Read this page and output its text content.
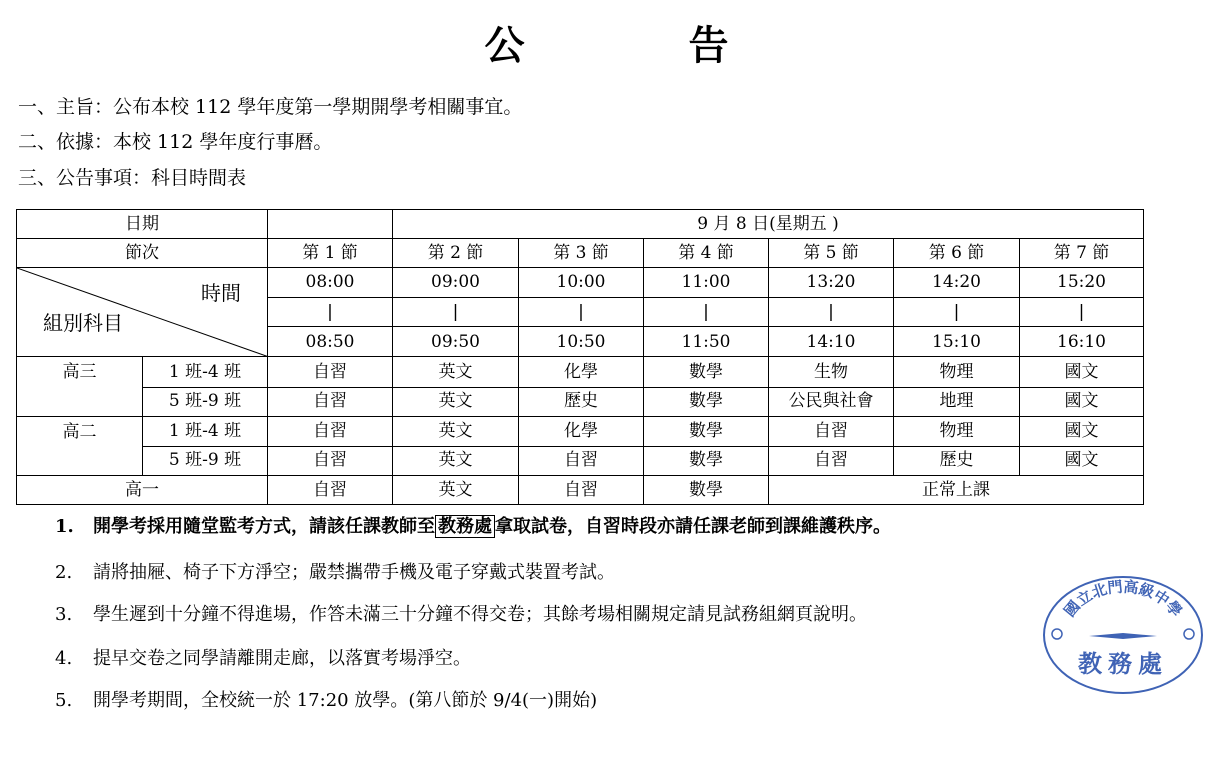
公　告
一、主旨：公布本校 112 學年度第一學期開學考相關事宜。
二、依據：本校 112 學年度行事曆。
三、公告事項：科目時間表
日期			9 月 8 日(星期五 )					
節次		第 1 節	第 2 節	第 3 節	第 4 節	第 5 節	第 6 節	第 7 節

時間
組別科目		08:00	09:00	10:00	11:00	13:20	14:20	15:20
		|	|	|	|	|	|	|
		08:50	09:50	10:50	11:50	14:10	15:10	16:10
高三	1 班-4 班	自習	英文	化學	數學	生物	物理	國文
	5 班-9 班	自習	英文	歷史	數學	公民與社會	地理	國文
高二	1 班-4 班	自習	英文	化學	數學	自習	物理	國文
	5 班-9 班	自習	英文	自習	數學	自習	歷史	國文
高一		自習	英文	自習	數學	正常上課		
1. 開學考採用隨堂監考方式，請該任課教師至 教務處 拿取試卷，自習時段亦請任課老師到課維護秩序。
2. 請將抽屜、椅子下方淨空；嚴禁攜帶手機及電子穿戴式裝置考試。
3. 學生遲到十分鐘不得進場，作答未滿三十分鐘不得交卷；其餘考場相關規定請見試務組網頁說明。
4. 提早交卷之同學請離開走廊，以落實考場淨空。
5. 開學考期間，全校統一於 17:20 放學。(第八節於 9/4(一)開始)
國立北門高級中學
教務處
